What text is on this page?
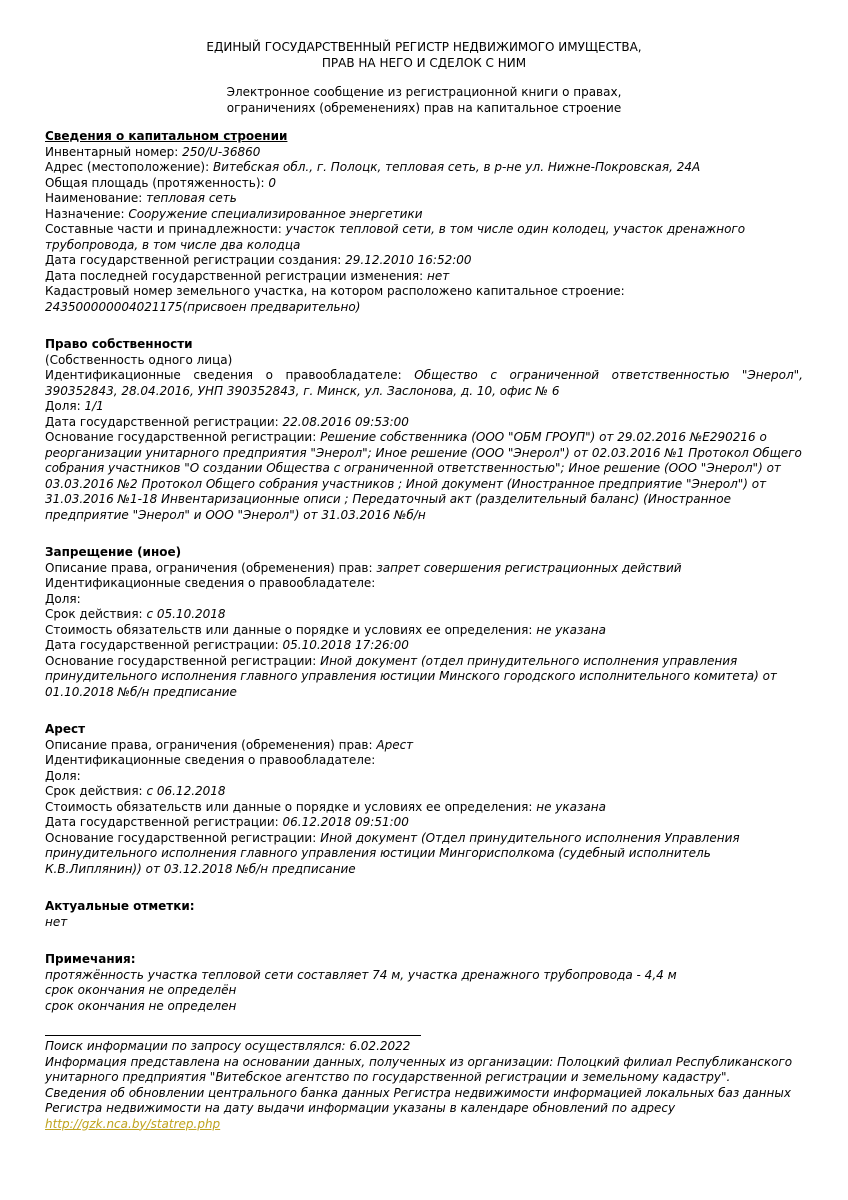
ЕДИНЫЙ ГОСУДАРСТВЕННЫЙ РЕГИСТР НЕДВИЖИМОГО ИМУЩЕСТВА,

ПРАВ НА НЕГО И СДЕЛОК С НИМ

Электронное сообщение из регистрационной книги о правах,

ограничениях (обременениях) прав на капитальное строение

Сведения о капитальном строении

Инвентарный номер: 250/U-36860

Адрес (местоположение): Витебская обл., г. Полоцк, тепловая сеть, в р-не ул. Нижне-Покровская, 24А

Общая площадь (протяженность): 0

Наименование: тепловая сеть

Назначение: Сооружение специализированное энергетики

Составные части и принадлежности: участок тепловой сети, в том числе один колодец, участок дренажного трубопровода, в том числе два колодца

Дата государственной регистрации создания: 29.12.2010 16:52:00

Дата последней государственной регистрации изменения: нет

Кадастровый номер земельного участка, на котором расположено капитальное строение:

243500000004021175(присвоен предварительно)

Право собственности

(Собственность одного лица)

Идентификационные сведения о правообладателе: Общество с ограниченной ответственностью "Энерол", 390352843, 28.04.2016, УНП 390352843, г. Минск, ул. Заслонова, д. 10, офис № 6

Доля: 1/1

Дата государственной регистрации: 22.08.2016 09:53:00

Основание государственной регистрации: Решение собственника (ООО "ОБМ ГРОУП") от 29.02.2016 №Е290216 о реорганизации унитарного предприятия "Энерол"; Иное решение (ООО "Энерол") от 02.03.2016 №1 Протокол Общего собрания участников "О создании Общества с ограниченной ответственностью"; Иное решение (ООО "Энерол") от 03.03.2016 №2 Протокол Общего собрания участников ; Иной документ (Иностранное предприятие "Энерол") от 31.03.2016 №1-18 Инвентаризационные описи ; Передаточный акт (разделительный баланс) (Иностранное предприятие "Энерол" и ООО "Энерол") от 31.03.2016 №б/н

Запрещение (иное)

Описание права, ограничения (обременения) прав: запрет совершения регистрационных действий

Идентификационные сведения о правообладателе:

Доля:

Срок действия: с 05.10.2018

Стоимость обязательств или данные о порядке и условиях ее определения: не указана

Дата государственной регистрации: 05.10.2018 17:26:00

Основание государственной регистрации: Иной документ (отдел принудительного исполнения управления принудительного исполнения главного управления юстиции Минского городского исполнительного комитета) от 01.10.2018 №б/н предписание

Арест

Описание права, ограничения (обременения) прав: Арест

Идентификационные сведения о правообладателе:

Доля:

Срок действия: с 06.12.2018

Стоимость обязательств или данные о порядке и условиях ее определения: не указана

Дата государственной регистрации: 06.12.2018 09:51:00

Основание государственной регистрации: Иной документ (Отдел принудительного исполнения Управления принудительного исполнения главного управления юстиции Мингорисполкома (судебный исполнитель К.В.Липлянин)) от 03.12.2018 №б/н предписание

Актуальные отметки:

нет

Примечания:

протяжённость участка тепловой сети составляет 74 м, участка дренажного трубопровода - 4,4 м

срок окончания не определён

срок окончания не определен

Поиск информации по запросу осуществлялся: 6.02.2022

Информация представлена на основании данных, полученных из организации: Полоцкий филиал Республиканского унитарного предприятия "Витебское агентство по государственной регистрации и земельному кадастру".

Сведения об обновлении центрального банка данных Регистра недвижимости информацией локальных баз данных Регистра недвижимости на дату выдачи информации указаны в календаре обновлений по адресу

http://gzk.nca.by/statrep.php
